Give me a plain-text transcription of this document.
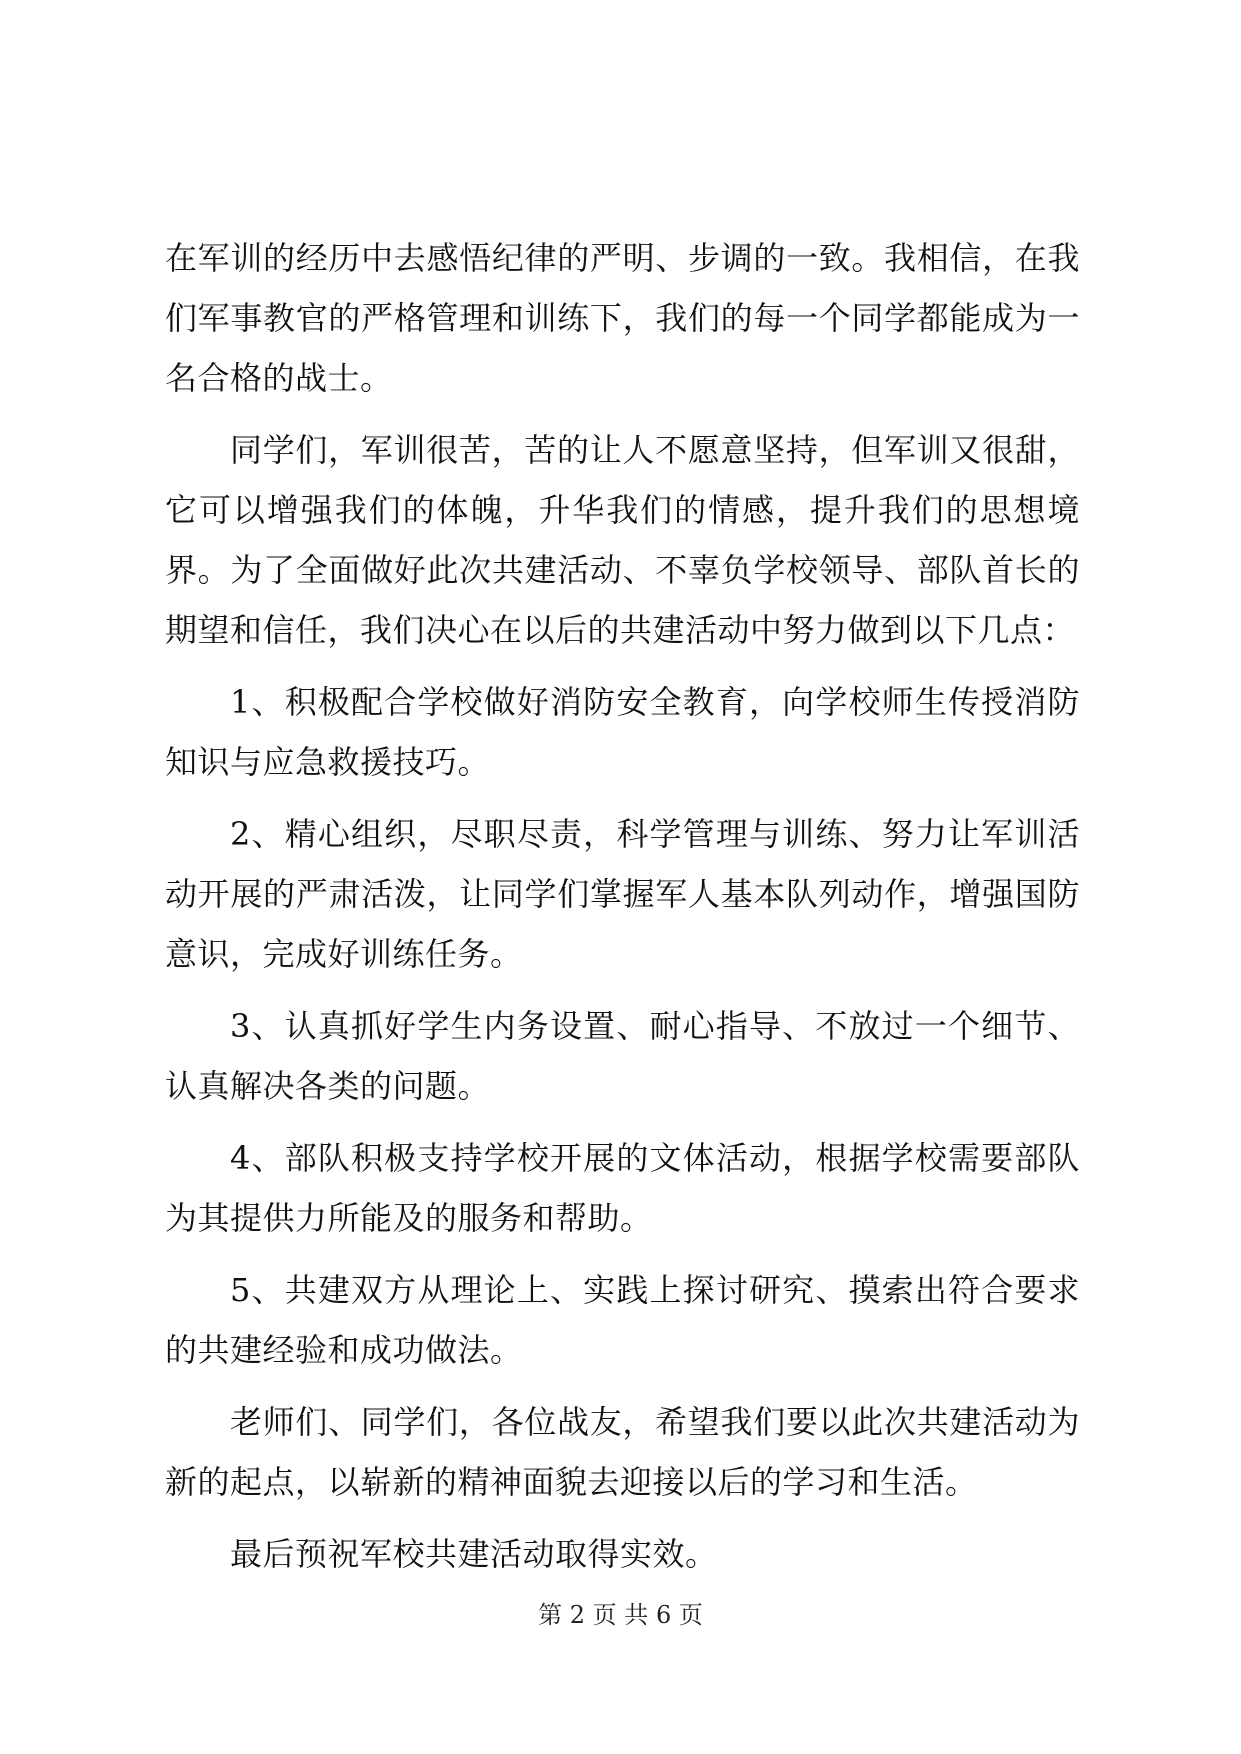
在军训的经历中去感悟纪律的严明、步调的一致。我相信，在我们军事教官的严格管理和训练下，我们的每一个同学都能成为一名合格的战士。

同学们，军训很苦，苦的让人不愿意坚持，但军训又很甜，它可以增强我们的体魄，升华我们的情感，提升我们的思想境界。为了全面做好此次共建活动、不辜负学校领导、部队首长的期望和信任，我们决心在以后的共建活动中努力做到以下几点：

1、积极配合学校做好消防安全教育，向学校师生传授消防知识与应急救援技巧。

2、精心组织，尽职尽责，科学管理与训练、努力让军训活动开展的严肃活泼，让同学们掌握军人基本队列动作，增强国防意识，完成好训练任务。

3、认真抓好学生内务设置、耐心指导、不放过一个细节、认真解决各类的问题。

4、部队积极支持学校开展的文体活动，根据学校需要部队为其提供力所能及的服务和帮助。

5、共建双方从理论上、实践上探讨研究、摸索出符合要求的共建经验和成功做法。

老师们、同学们，各位战友，希望我们要以此次共建活动为新的起点，以崭新的精神面貌去迎接以后的学习和生活。

最后预祝军校共建活动取得实效。

第 2 页 共 6 页
